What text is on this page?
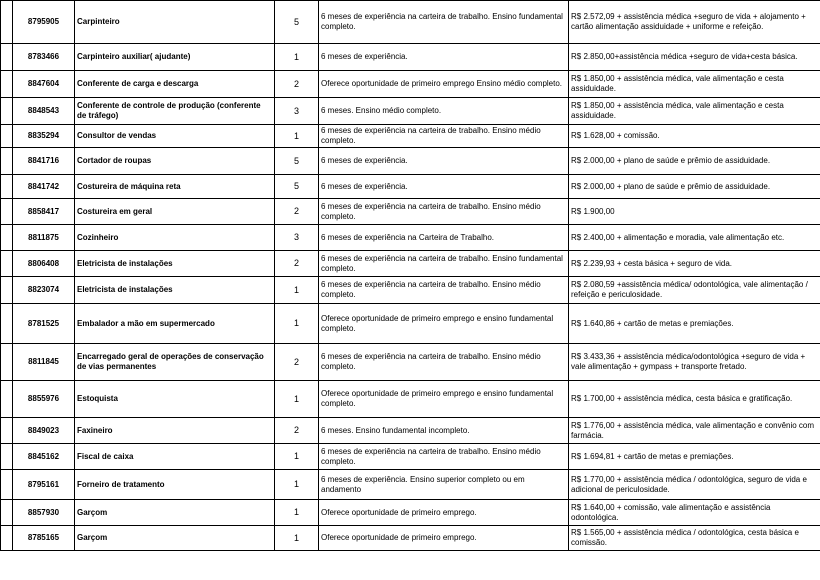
	8795905	Carpinteiro	5	6 meses de experiência na carteira de trabalho. Ensino fundamental completo.	R$ 2.572,09 + assistência médica +seguro de vida + alojamento + cartão alimentação assiduidade + uniforme e refeição.
	8783466	Carpinteiro auxiliar( ajudante)	1	6 meses de experiência.	R$ 2.850,00+assistência médica +seguro de vida+cesta básica.
	8847604	Conferente de carga e descarga	2	Oferece oportunidade de primeiro emprego Ensino médio completo.	R$ 1.850,00 + assistência médica, vale alimentação e cesta assiduidade.
	8848543	Conferente de controle de produção (conferente de tráfego)	3	6 meses. Ensino médio completo.	R$ 1.850,00 + assistência médica, vale alimentação e cesta assiduidade.
	8835294	Consultor de vendas	1	6 meses de experiência na carteira de trabalho. Ensino médio completo.	R$ 1.628,00 + comissão.
	8841716	Cortador de roupas	5	6 meses de experiência.	R$ 2.000,00 + plano de saúde e prêmio de assiduidade.
	8841742	Costureira de máquina reta	5	6 meses de experiência.	R$ 2.000,00 + plano de saúde e prêmio de assiduidade.
	8858417	Costureira em geral	2	6 meses de experiência na carteira de trabalho. Ensino médio completo.	R$ 1.900,00
	8811875	Cozinheiro	3	6 meses de experiência na Carteira de Trabalho.	R$ 2.400,00 + alimentação e moradia, vale alimentação etc.
	8806408	Eletricista de instalações	2	6 meses de experiência na carteira de trabalho. Ensino fundamental completo.	R$ 2.239,93 + cesta básica + seguro de vida.
	8823074	Eletricista de instalações	1	6 meses de experiência na carteira de trabalho. Ensino médio completo.	R$ 2.080,59 +assistência médica/ odontológica, vale alimentação / refeição e periculosidade.
	8781525	Embalador a mão em supermercado	1	Oferece oportunidade de primeiro emprego e ensino fundamental completo.	R$ 1.640,86 + cartão de metas e premiações.
	8811845	Encarregado geral de operações de conservação de vias permanentes	2	6 meses de experiência na carteira de trabalho. Ensino médio completo.	R$ 3.433,36 + assistência médica/odontológica +seguro de vida + vale alimentação + gympass + transporte fretado.
	8855976	Estoquista	1	Oferece oportunidade de primeiro emprego e ensino fundamental completo.	R$ 1.700,00 + assistência médica, cesta básica e gratificação.
	8849023	Faxineiro	2	6 meses. Ensino fundamental incompleto.	R$ 1.776,00 + assistência médica, vale alimentação e convênio com farmácia.
	8845162	Fiscal de caixa	1	6 meses de experiência na carteira de trabalho. Ensino médio completo.	R$ 1.694,81 + cartão de metas e premiações.
	8795161	Forneiro de tratamento	1	6 meses de experiência. Ensino superior completo ou em andamento	R$ 1.770,00 + assistência médica / odontológica, seguro de vida e adicional de periculosidade.
	8857930	Garçom	1	Oferece oportunidade de primeiro emprego.	R$ 1.640,00 + comissão, vale alimentação e assistência odontológica.
	8785165	Garçom	1	Oferece oportunidade de primeiro emprego.	R$ 1.565,00 + assistência médica / odontológica, cesta básica e comissão.
